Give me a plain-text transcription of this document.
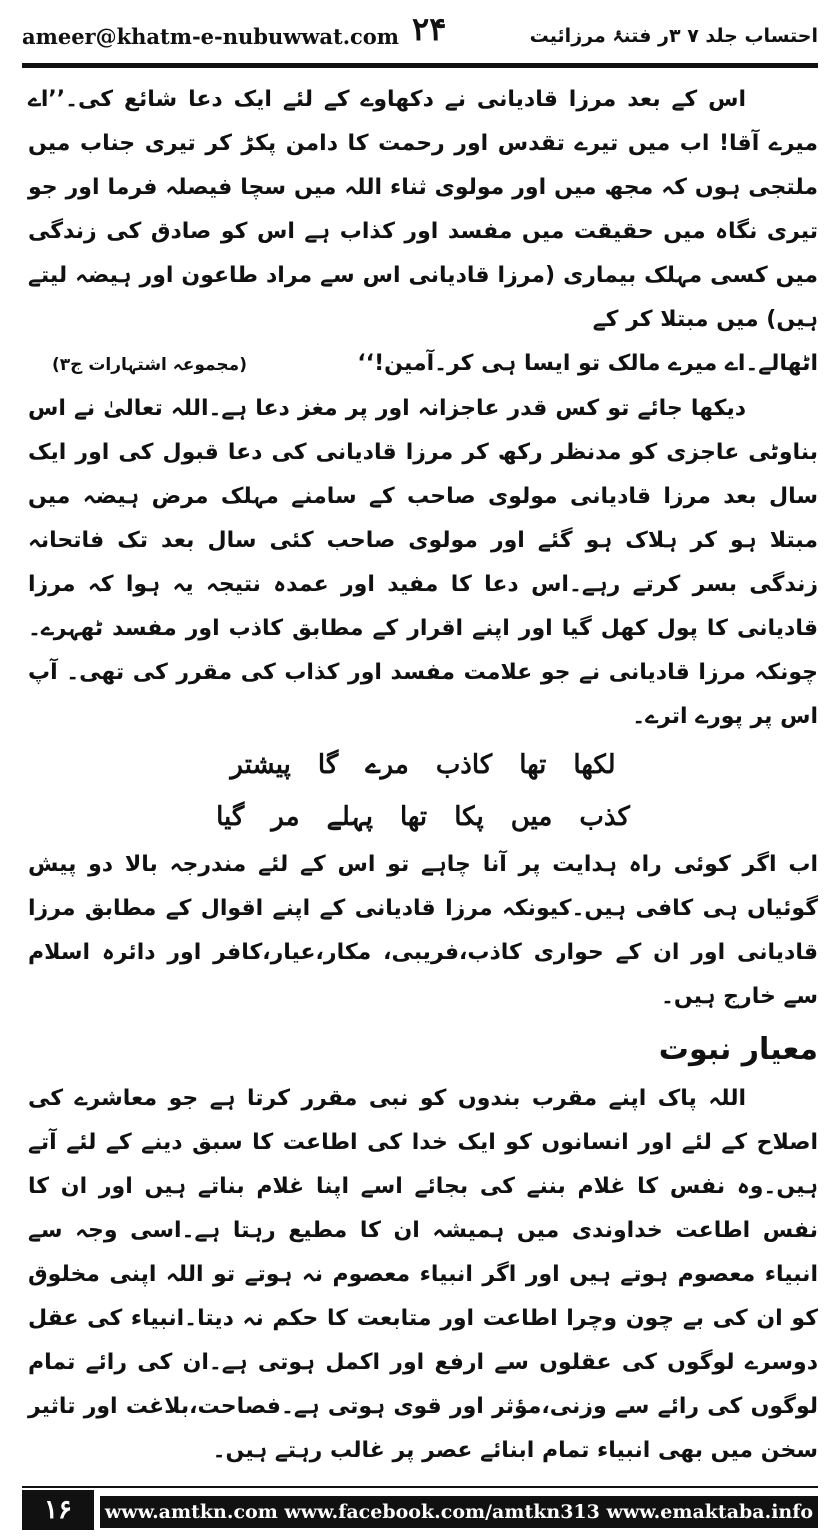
ameer@khatm-e-nubuwwat.com ۲۴	احتساب جلد ۷ ۳ر فتنۂ مرزائیت

اس کے بعد مرزا قادیانی نے دکھاوے کے لئے ایک دعا شائع کی۔’’اے میرے آقا! اب میں تیرے تقدس اور رحمت کا دامن پکڑ کر تیری جناب میں ملتجی ہوں کہ مجھ میں اور مولوی ثناء اللہ میں سچا فیصلہ فرما اور جو تیری نگاہ میں حقیقت میں مفسد اور کذاب ہے اس کو صادق کی زندگی میں کسی مہلک بیماری (مرزا قادیانی اس سے مراد طاعون اور ہیضہ لیتے ہیں) میں مبتلا کر کے

اٹھالے۔اے میرے مالک تو ایسا ہی کر۔آمین!‘‘
(مجموعہ اشتہارات ج۳)

دیکھا جائے تو کس قدر عاجزانہ اور پر مغز دعا ہے۔اللہ تعالیٰ نے اس بناوٹی عاجزی کو مدنظر رکھ کر مرزا قادیانی کی دعا قبول کی اور ایک سال بعد مرزا قادیانی مولوی صاحب کے سامنے مہلک مرض ہیضہ میں مبتلا ہو کر ہلاک ہو گئے اور مولوی صاحب کئی سال بعد تک فاتحانہ زندگی بسر کرتے رہے۔اس دعا کا مفید اور عمدہ نتیجہ یہ ہوا کہ مرزا قادیانی کا پول کھل گیا اور اپنے اقرار کے مطابق کاذب اور مفسد ٹھہرے۔چونکہ مرزا قادیانی نے جو علامت مفسد اور کذاب کی مقرر کی تھی۔ آپ اس پر پورے اترے۔

لکھا تھا کاذب مرے گا پیشتر

کذب میں پکا تھا پہلے مر گیا

اب اگر کوئی راہ ہدایت پر آنا چاہے تو اس کے لئے مندرجہ بالا دو پیش گوئیاں ہی کافی ہیں۔کیونکہ مرزا قادیانی کے اپنے اقوال کے مطابق مرزا قادیانی اور ان کے حواری کاذب،فریبی، مکار،عیار،کافر اور دائرہ اسلام سے خارج ہیں۔

معیار نبوت

اللہ پاک اپنے مقرب بندوں کو نبی مقرر کرتا ہے جو معاشرے کی اصلاح کے لئے اور انسانوں کو ایک خدا کی اطاعت کا سبق دینے کے لئے آتے ہیں۔وہ نفس کا غلام بننے کی بجائے اسے اپنا غلام بناتے ہیں اور ان کا نفس اطاعت خداوندی میں ہمیشہ ان کا مطیع رہتا ہے۔اسی وجہ سے انبیاء معصوم ہوتے ہیں اور اگر انبیاء معصوم نہ ہوتے تو اللہ اپنی مخلوق کو ان کی بے چون وچرا اطاعت اور متابعت کا حکم نہ دیتا۔انبیاء کی عقل دوسرے لوگوں کی عقلوں سے ارفع اور اکمل ہوتی ہے۔ان کی رائے تمام لوگوں کی رائے سے وزنی،مؤثر اور قوی ہوتی ہے۔فصاحت،بلاغت اور تاثیر سخن میں بھی انبیاء تمام ابنائے عصر پر غالب رہتے ہیں۔

۱۶	www.amtkn.com www.facebook.com/amtkn313 www.emaktaba.info
